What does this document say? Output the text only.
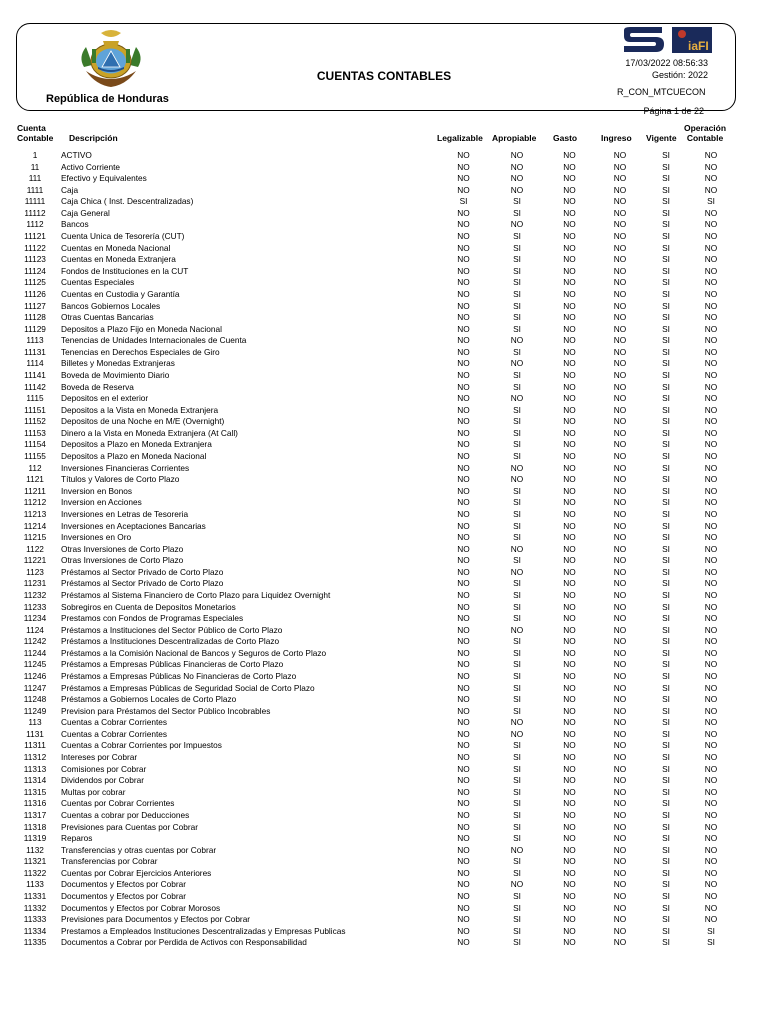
República de Honduras
CUENTAS CONTABLES
iaFI
17/03/2022 08:56:33
Gestión: 2022
R_CON_MTCUECON
Página 1 de 22
Cuenta
Contable Descripción	Legalizable Apropiable Gasto	Ingreso Vigente
Operación
Contable
1	ACTIVO	NO	NO	NO	NO	SI	NO
11	Activo Corriente	NO	NO	NO	NO	SI	NO
111	Efectivo y Equivalentes	NO	NO	NO	NO	SI	NO
1111	Caja	NO	NO	NO	NO	SI	NO
11111	Caja Chica ( Inst. Descentralizadas)	SI	SI	NO	NO	SI	SI
11112	Caja General	NO	SI	NO	NO	SI	NO
1112	Bancos	NO	NO	NO	NO	SI	NO
11121	Cuenta Unica de Tesorería (CUT)	NO	SI	NO	NO	SI	NO
11122	Cuentas en Moneda Nacional	NO	SI	NO	NO	SI	NO
11123	Cuentas en Moneda Extranjera	NO	SI	NO	NO	SI	NO
11124	Fondos de Instituciones en la CUT	NO	SI	NO	NO	SI	NO
11125	Cuentas Especiales	NO	SI	NO	NO	SI	NO
11126	Cuentas en Custodia y Garantía	NO	SI	NO	NO	SI	NO
11127	Bancos Gobiernos Locales	NO	SI	NO	NO	SI	NO
11128	Otras Cuentas Bancarias	NO	SI	NO	NO	SI	NO
11129	Depositos a Plazo Fijo en Moneda Nacional	NO	SI	NO	NO	SI	NO
1113	Tenencias de Unidades Internacionales de Cuenta	NO	NO	NO	NO	SI	NO
11131	Tenencias en Derechos Especiales de Giro	NO	SI	NO	NO	SI	NO
1114	Billetes y Monedas Extranjeras	NO	NO	NO	NO	SI	NO
11141	Boveda de Movimiento Diario	NO	SI	NO	NO	SI	NO
11142	Boveda de Reserva	NO	SI	NO	NO	SI	NO
1115	Depositos en el exterior	NO	NO	NO	NO	SI	NO
11151	Depositos a la Vista en Moneda Extranjera	NO	SI	NO	NO	SI	NO
11152	Depositos de una Noche en M/E (Overnight)	NO	SI	NO	NO	SI	NO
11153	Dinero a la Vista en Moneda Extranjera (At Call)	NO	SI	NO	NO	SI	NO
11154	Depositos a Plazo en Moneda Extranjera	NO	SI	NO	NO	SI	NO
11155	Depositos a Plazo en Moneda Nacional	NO	SI	NO	NO	SI	NO
112	Inversiones Financieras Corrientes	NO	NO	NO	NO	SI	NO
1121	Títulos y Valores de Corto Plazo	NO	NO	NO	NO	SI	NO
11211	Inversion en Bonos	NO	SI	NO	NO	SI	NO
11212	Inversion en Acciones	NO	SI	NO	NO	SI	NO
11213	Inversiones en Letras de Tesoreria	NO	SI	NO	NO	SI	NO
11214	Inversiones en Aceptaciones Bancarias	NO	SI	NO	NO	SI	NO
11215	Inversiones en Oro	NO	SI	NO	NO	SI	NO
1122	Otras Inversiones de Corto Plazo	NO	NO	NO	NO	SI	NO
11221	Otras Inversiones de Corto Plazo	NO	SI	NO	NO	SI	NO
1123	Préstamos al Sector Privado de Corto Plazo	NO	NO	NO	NO	SI	NO
11231	Préstamos al Sector Privado de Corto Plazo	NO	SI	NO	NO	SI	NO
11232	Préstamos al Sistema Financiero de Corto Plazo para Liquidez Overnight	NO	SI	NO	NO	SI	NO
11233	Sobregiros en Cuenta de Depositos Monetarios	NO	SI	NO	NO	SI	NO
11234	Prestamos con Fondos de Programas Especiales	NO	SI	NO	NO	SI	NO
1124	Préstamos a Instituciones del Sector Público de Corto Plazo	NO	NO	NO	NO	SI	NO
11242	Préstamos a Instituciones Descentralizadas de Corto Plazo	NO	SI	NO	NO	SI	NO
11244	Préstamos a la Comisión Nacional de Bancos y Seguros de Corto Plazo	NO	SI	NO	NO	SI	NO
11245	Préstamos a Empresas Públicas Financieras de Corto Plazo	NO	SI	NO	NO	SI	NO
11246	Préstamos a Empresas Públicas No Financieras de Corto Plazo	NO	SI	NO	NO	SI	NO
11247	Préstamos a Empresas Públicas de Seguridad Social de Corto Plazo	NO	SI	NO	NO	SI	NO
11248	Préstamos a Gobiernos Locales de Corto Plazo	NO	SI	NO	NO	SI	NO
11249	Prevision para Préstamos del Sector Público Incobrables	NO	SI	NO	NO	SI	NO
113	Cuentas a Cobrar Corrientes	NO	NO	NO	NO	SI	NO
1131	Cuentas a Cobrar Corrientes	NO	NO	NO	NO	SI	NO
11311	Cuentas a Cobrar Corrientes por Impuestos	NO	SI	NO	NO	SI	NO
11312	Intereses por Cobrar	NO	SI	NO	NO	SI	NO
11313	Comisiones por Cobrar	NO	SI	NO	NO	SI	NO
11314	Dividendos por Cobrar	NO	SI	NO	NO	SI	NO
11315	Multas por cobrar	NO	SI	NO	NO	SI	NO
11316	Cuentas por Cobrar Corrientes	NO	SI	NO	NO	SI	NO
11317	Cuentas a cobrar por Deducciones	NO	SI	NO	NO	SI	NO
11318	Previsiones para Cuentas por Cobrar	NO	SI	NO	NO	SI	NO
11319	Reparos	NO	SI	NO	NO	SI	NO
1132	Transferencias y otras cuentas por Cobrar	NO	NO	NO	NO	SI	NO
11321	Transferencias por Cobrar	NO	SI	NO	NO	SI	NO
11322	Cuentas por Cobrar Ejercicios Anteriores	NO	SI	NO	NO	SI	NO
1133	Documentos y Efectos por Cobrar	NO	NO	NO	NO	SI	NO
11331	Documentos y Efectos por Cobrar	NO	SI	NO	NO	SI	NO
11332	Documentos y Efectos por Cobrar Morosos	NO	SI	NO	NO	SI	NO
11333	Previsiones para Documentos y Efectos por Cobrar	NO	SI	NO	NO	SI	NO
11334	Prestamos a Empleados Instituciones Descentralizadas y Empresas Publicas	NO	SI	NO	NO	SI	SI
11335	Documentos a Cobrar por Perdida de Activos con Responsabilidad	NO	SI	NO	NO	SI	SI
